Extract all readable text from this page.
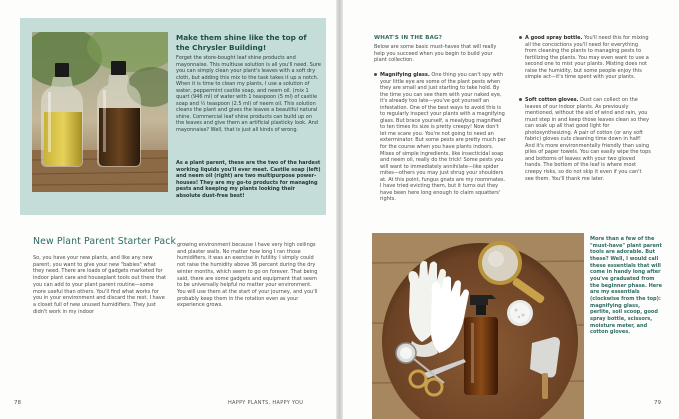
Make them shine like the top of the Chrysler Building!
Forget the store-bought leaf shine products and mayonnaise. This multiuse solution is all you'll need. Sure you can simply clean your plant's leaves with a soft dry cloth, but adding this mix to the task takes it up a notch. When it is time to clean my plants, I use a solution of water, peppermint castile soap, and neem oil. (mix 1 quart (946 ml) of water with 1 teaspoon (5 ml) of castile soap and ½ teaspoon (2.5 ml) of neem oil. This solution cleans the plant and gives the leaves a beautiful natural shine. Commercial leaf shine products can build up on the leaves and give them an artificial plasticky look. And mayonnaise? Well, that is just all kinds of wrong.
As a plant parent, these are the two of the hardest working liquids you'll ever meet. Castile soap (left) and neem oil (right) are two multipurpose power-houses! They are my go-to products for managing pests and keeping my plants looking their absolute dust-free best!
New Plant Parent Starter Pack
So, you have your new plants, and like any new parent, you want to give your new "babies" what they need. There are loads of gadgets marketed for indoor plant care and houseplant tools out there that you can add to your plant parent routine—some more useful than others. You'll find what works for you in your environment and discard the rest. I have a closet full of new unused humidifiers. They just didn't work in my indoor
growing environment because I have very high ceilings and plaster walls. No matter how long I ran those humidifiers, it was an exercise in futility. I simply could not raise the humidity above 36 percent during the dry winter months, which seem to go on forever. That being said, there are some gadgets and equipment that seem to be universally helpful no matter your environment. You will use them at the start of your journey, and you'll probably keep them in the rotation even as your experience grows.
WHAT'S IN THE BAG?
Below are some basic must-haves that will really help you succeed when you begin to build your plant collection.
Magnifying glass. One thing you can't spy with your little eye are some of the plant pests when they are small and just starting to take hold. By the time you can see them with your naked eye, it's already too late—you've got yourself an infestation. One of the best ways to avoid this is to regularly inspect your plants with a magnifying glass. But brace yourself, a mealybug magnified to ten times its size is pretty creepy! Now don't let me scare you. You're not going to need an exterminator. But some pests are pretty much par for the course when you have plants indoors. Mixes of simple ingredients, like insecticidal soap and neem oil, really do the trick! Some pests you will want to immediately annihilate—like spider mites—others you may just shrug your shoulders at. At this point, fungus gnats are my roommates. I have tried evicting them, but it turns out they have been here long enough to claim squatters' rights.
A good spray bottle. You'll need this for mixing all the concoctions you'll need for everything from cleaning the plants to managing pests to fertilizing the plants. You may even want to use a second one to mist your plants. Misting does not raise the humidity, but some people enjoy this simple act—it's time spent with your plants.
Soft cotton gloves. Dust can collect on the leaves of our indoor plants. As previously mentioned, without the aid of wind and rain, you must step in and keep those leaves clean so they can soak up all that good light for photosynthesizing. A pair of cotton (or any soft fabric) gloves cuts cleaning time down in half! And it's more environmentally friendly than using piles of paper towels. You can easily wipe the tops and bottoms of leaves with your two gloved hands. The bottom of the leaf is where most creepy risks, so do not skip it even if you can't see them. You'll thank me later.
More than a few of the "must-have" plant parent tools are adorable. But these? Well, I would call these essentials that will come in handy long after you've graduated from the beginner phase. Here are my essentials (clockwise from the top): magnifying glass, perlite, soil scoop, good spray bottle, scissors, moisture meter, and cotton gloves.
78	HAPPY PLANTS, HAPPY YOU	79
